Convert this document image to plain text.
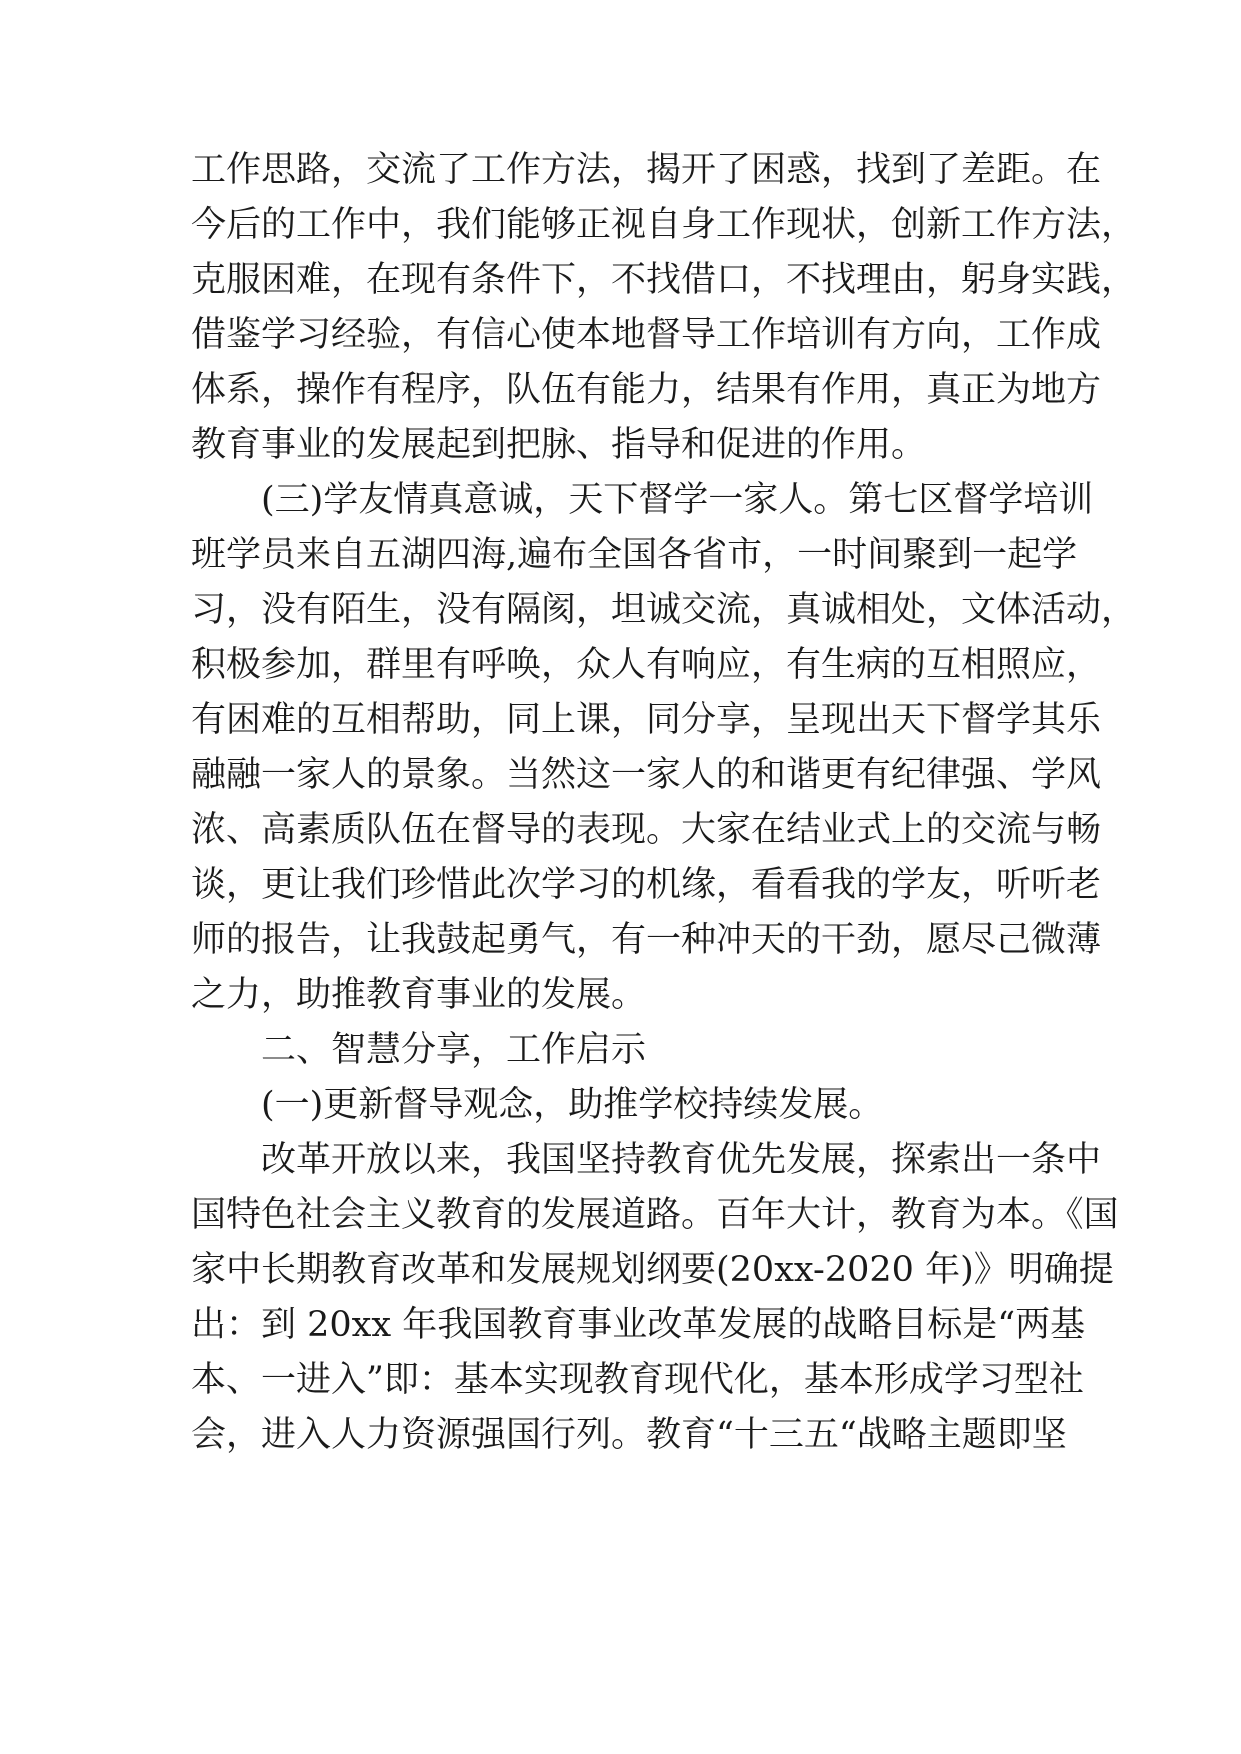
工作思路，交流了工作方法，揭开了困惑，找到了差距。在
今后的工作中，我们能够正视自身工作现状，创新工作方法，
克服困难，在现有条件下，不找借口，不找理由，躬身实践，
借鉴学习经验，有信心使本地督导工作培训有方向，工作成
体系，操作有程序，队伍有能力，结果有作用，真正为地方
教育事业的发展起到把脉、指导和促进的作用。
(三)学友情真意诚，天下督学一家人。第七区督学培训
班学员来自五湖四海,遍布全国各省市，一时间聚到一起学
习，没有陌生，没有隔阂，坦诚交流，真诚相处，文体活动，
积极参加，群里有呼唤，众人有响应，有生病的互相照应，
有困难的互相帮助，同上课，同分享，呈现出天下督学其乐
融融一家人的景象。当然这一家人的和谐更有纪律强、学风
浓、高素质队伍在督导的表现。大家在结业式上的交流与畅
谈，更让我们珍惜此次学习的机缘，看看我的学友，听听老
师的报告，让我鼓起勇气，有一种冲天的干劲，愿尽己微薄
之力，助推教育事业的发展。
二、智慧分享，工作启示
(一)更新督导观念，助推学校持续发展。
改革开放以来，我国坚持教育优先发展，探索出一条中
国特色社会主义教育的发展道路。百年大计，教育为本。《国
家中长期教育改革和发展规划纲要(20xx-2020 年)》明确提
出：到 20xx 年我国教育事业改革发展的战略目标是“两基
本、一进入”即：基本实现教育现代化，基本形成学习型社
会，进入人力资源强国行列。教育“十三五“战略主题即坚
